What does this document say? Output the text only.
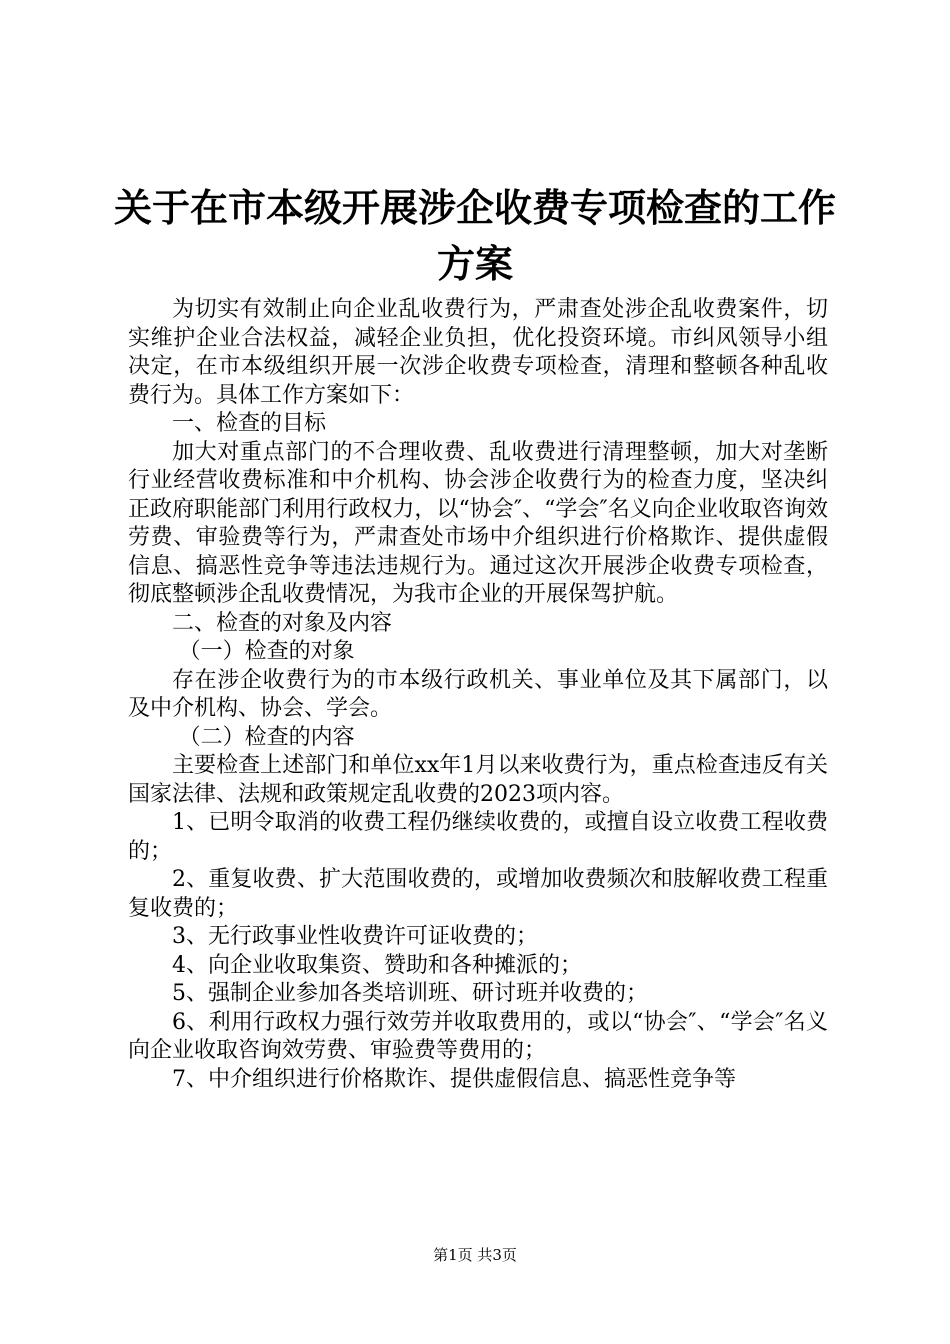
关于在市本级开展涉企收费专项检查的工作方案

为切实有效制止向企业乱收费行为，严肃查处涉企乱收费案件，切实维护企业合法权益，减轻企业负担，优化投资环境。市纠风领导小组决定，在市本级组织开展一次涉企收费专项检查，清理和整顿各种乱收费行为。具体工作方案如下：

一、检查的目标

加大对重点部门的不合理收费、乱收费进行清理整顿，加大对垄断行业经营收费标准和中介机构、协会涉企收费行为的检查力度，坚决纠正政府职能部门利用行政权力，以“协会″、“学会″名义向企业收取咨询效劳费、审验费等行为，严肃查处市场中介组织进行价格欺诈、提供虚假信息、搞恶性竞争等违法违规行为。通过这次开展涉企收费专项检查，彻底整顿涉企乱收费情况，为我市企业的开展保驾护航。

二、检查的对象及内容

（一）检查的对象

存在涉企收费行为的市本级行政机关、事业单位及其下属部门，以及中介机构、协会、学会。

（二）检查的内容

主要检查上述部门和单位xx年1月以来收费行为，重点检查违反有关国家法律、法规和政策规定乱收费的2023项内容。

1、已明令取消的收费工程仍继续收费的，或擅自设立收费工程收费的；

2、重复收费、扩大范围收费的，或增加收费频次和肢解收费工程重复收费的；

3、无行政事业性收费许可证收费的；

4、向企业收取集资、赞助和各种摊派的；

5、强制企业参加各类培训班、研讨班并收费的；

6、利用行政权力强行效劳并收取费用的，或以“协会″、“学会″名义向企业收取咨询效劳费、审验费等费用的；

7、中介组织进行价格欺诈、提供虚假信息、搞恶性竞争等

第1页 共3页
